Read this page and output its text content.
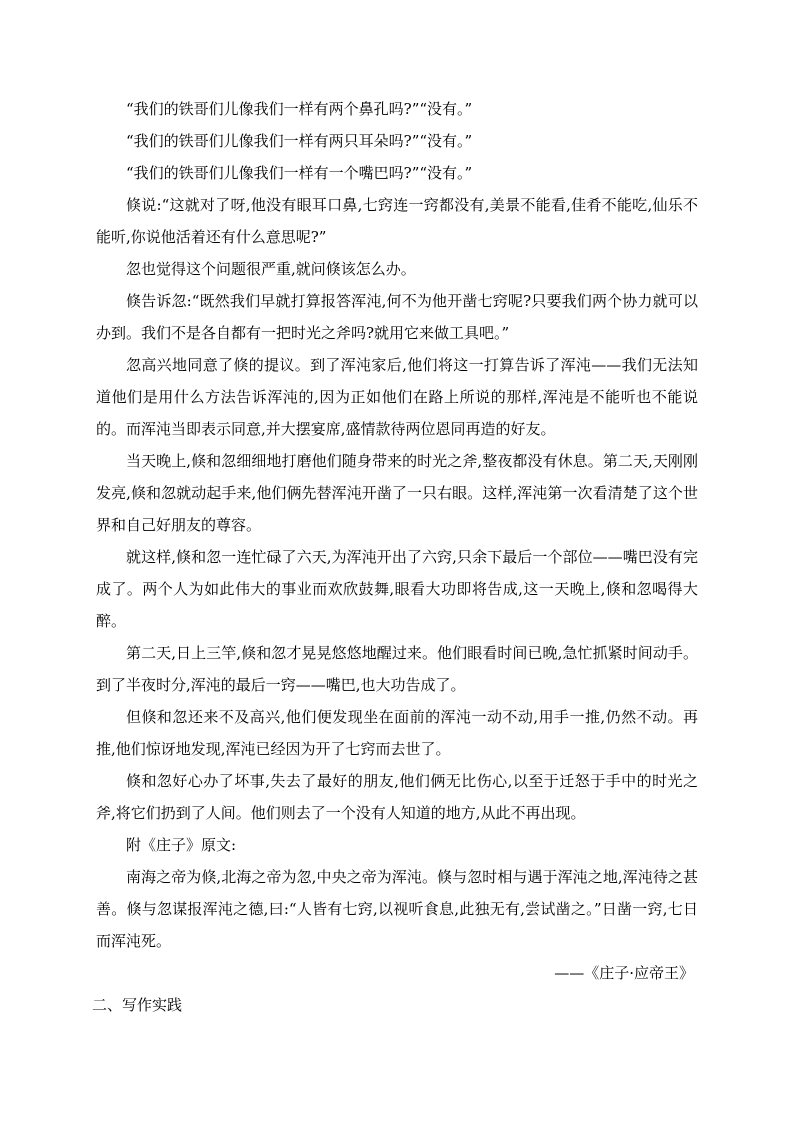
“我们的铁哥们儿像我们一样有两个鼻孔吗?”“没有。”

“我们的铁哥们儿像我们一样有两只耳朵吗?”“没有。”

“我们的铁哥们儿像我们一样有一个嘴巴吗?”“没有。”

倏说:“这就对了呀,他没有眼耳口鼻,七窍连一窍都没有,美景不能看,佳肴不能吃,仙乐不能听,你说他活着还有什么意思呢?”

忽也觉得这个问题很严重,就问倏该怎么办。

倏告诉忽:“既然我们早就打算报答浑沌,何不为他开凿七窍呢?只要我们两个协力就可以办到。我们不是各自都有一把时光之斧吗?就用它来做工具吧。”

忽高兴地同意了倏的提议。到了浑沌家后,他们将这一打算告诉了浑沌——我们无法知道他们是用什么方法告诉浑沌的,因为正如他们在路上所说的那样,浑沌是不能听也不能说的。而浑沌当即表示同意,并大摆宴席,盛情款待两位恩同再造的好友。

当天晚上,倏和忽细细地打磨他们随身带来的时光之斧,整夜都没有休息。第二天,天刚刚发亮,倏和忽就动起手来,他们俩先替浑沌开凿了一只右眼。这样,浑沌第一次看清楚了这个世界和自己好朋友的尊容。

就这样,倏和忽一连忙碌了六天,为浑沌开出了六窍,只余下最后一个部位——嘴巴没有完成了。两个人为如此伟大的事业而欢欣鼓舞,眼看大功即将告成,这一天晚上,倏和忽喝得大醉。

第二天,日上三竿,倏和忽才晃晃悠悠地醒过来。他们眼看时间已晚,急忙抓紧时间动手。到了半夜时分,浑沌的最后一窍——嘴巴,也大功告成了。

但倏和忽还来不及高兴,他们便发现坐在面前的浑沌一动不动,用手一推,仍然不动。再推,他们惊讶地发现,浑沌已经因为开了七窍而去世了。

倏和忽好心办了坏事,失去了最好的朋友,他们俩无比伤心,以至于迁怒于手中的时光之斧,将它们扔到了人间。他们则去了一个没有人知道的地方,从此不再出现。

附《庄子》原文:

南海之帝为倏,北海之帝为忽,中央之帝为浑沌。倏与忽时相与遇于浑沌之地,浑沌待之甚善。倏与忽谋报浑沌之德,曰:“人皆有七窍,以视听食息,此独无有,尝试凿之。”日凿一窍,七日而浑沌死。

——《庄子·应帝王》

二、写作实践
